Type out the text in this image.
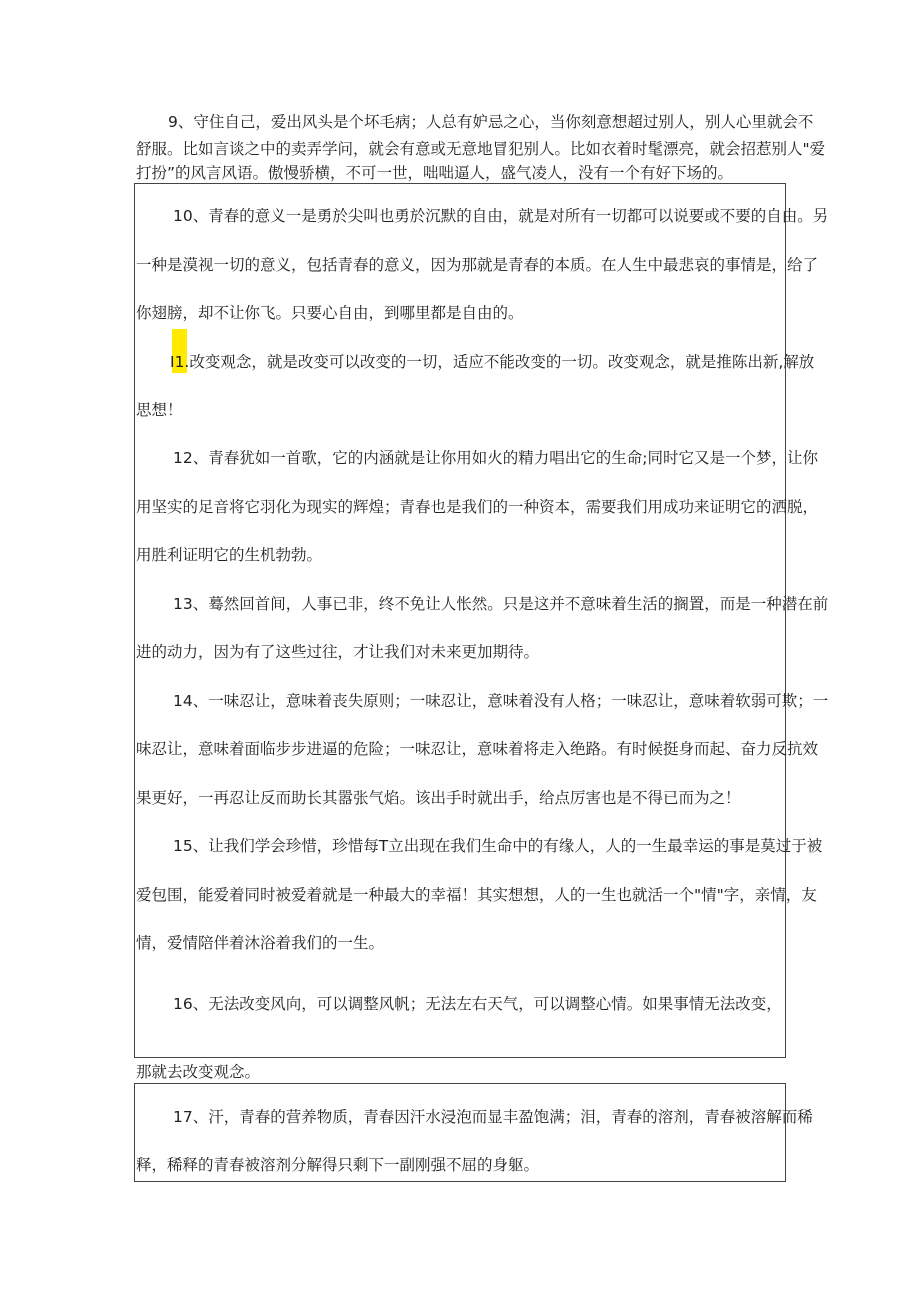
9、守住自己，爱出风头是个坏毛病；人总有妒忌之心，当你刻意想超过别人，别人心里就会不
舒服。比如言谈之中的卖弄学问，就会有意或无意地冒犯别人。比如衣着时髦漂亮，就会招惹别人"爱
打扮”的风言风语。傲慢骄横，不可一世，咄咄逼人，盛气凌人，没有一个有好下场的。
10、青春的意义一是勇於尖叫也勇於沉默的自由，就是对所有一切都可以说要或不要的自由。另
一种是漠视一切的意义，包括青春的意义，因为那就是青春的本质。在人生中最悲哀的事情是，给了
你翅膀，却不让你飞。只要心自由，到哪里都是自由的。
I1.改变观念，就是改变可以改变的一切，适应不能改变的一切。改变观念，就是推陈出新,解放
思想！
12、青春犹如一首歌，它的内涵就是让你用如火的精力唱出它的生命;同时它又是一个梦，让你
用坚实的足音将它羽化为现实的辉煌；青春也是我们的一种资本，需要我们用成功来证明它的洒脱，
用胜利证明它的生机勃勃。
13、蓦然回首间，人事已非，终不免让人怅然。只是这并不意味着生活的搁置，而是一种潜在前
进的动力，因为有了这些过往，才让我们对未来更加期待。
14、一味忍让，意味着丧失原则；一味忍让，意味着没有人格；一味忍让，意味着软弱可欺；一
味忍让，意味着面临步步进逼的危险；一味忍让，意味着将走入绝路。有时候挺身而起、奋力反抗效
果更好，一再忍让反而助长其嚣张气焰。该出手时就出手，给点厉害也是不得已而为之！
15、让我们学会珍惜，珍惜每T立出现在我们生命中的有缘人，人的一生最幸运的事是莫过于被
爱包围，能爱着同时被爱着就是一种最大的幸福！其实想想，人的一生也就活一个"情"字，亲情，友
情，爱情陪伴着沐浴着我们的一生。
16、无法改变风向，可以调整风帆；无法左右天气，可以调整心情。如果事情无法改变，
那就去改变观念。
17、汗，青春的营养物质，青春因汗水浸泡而显丰盈饱满；泪，青春的溶剂，青春被溶解而稀
释，稀释的青春被溶剂分解得只剩下一副刚强不屈的身躯。
